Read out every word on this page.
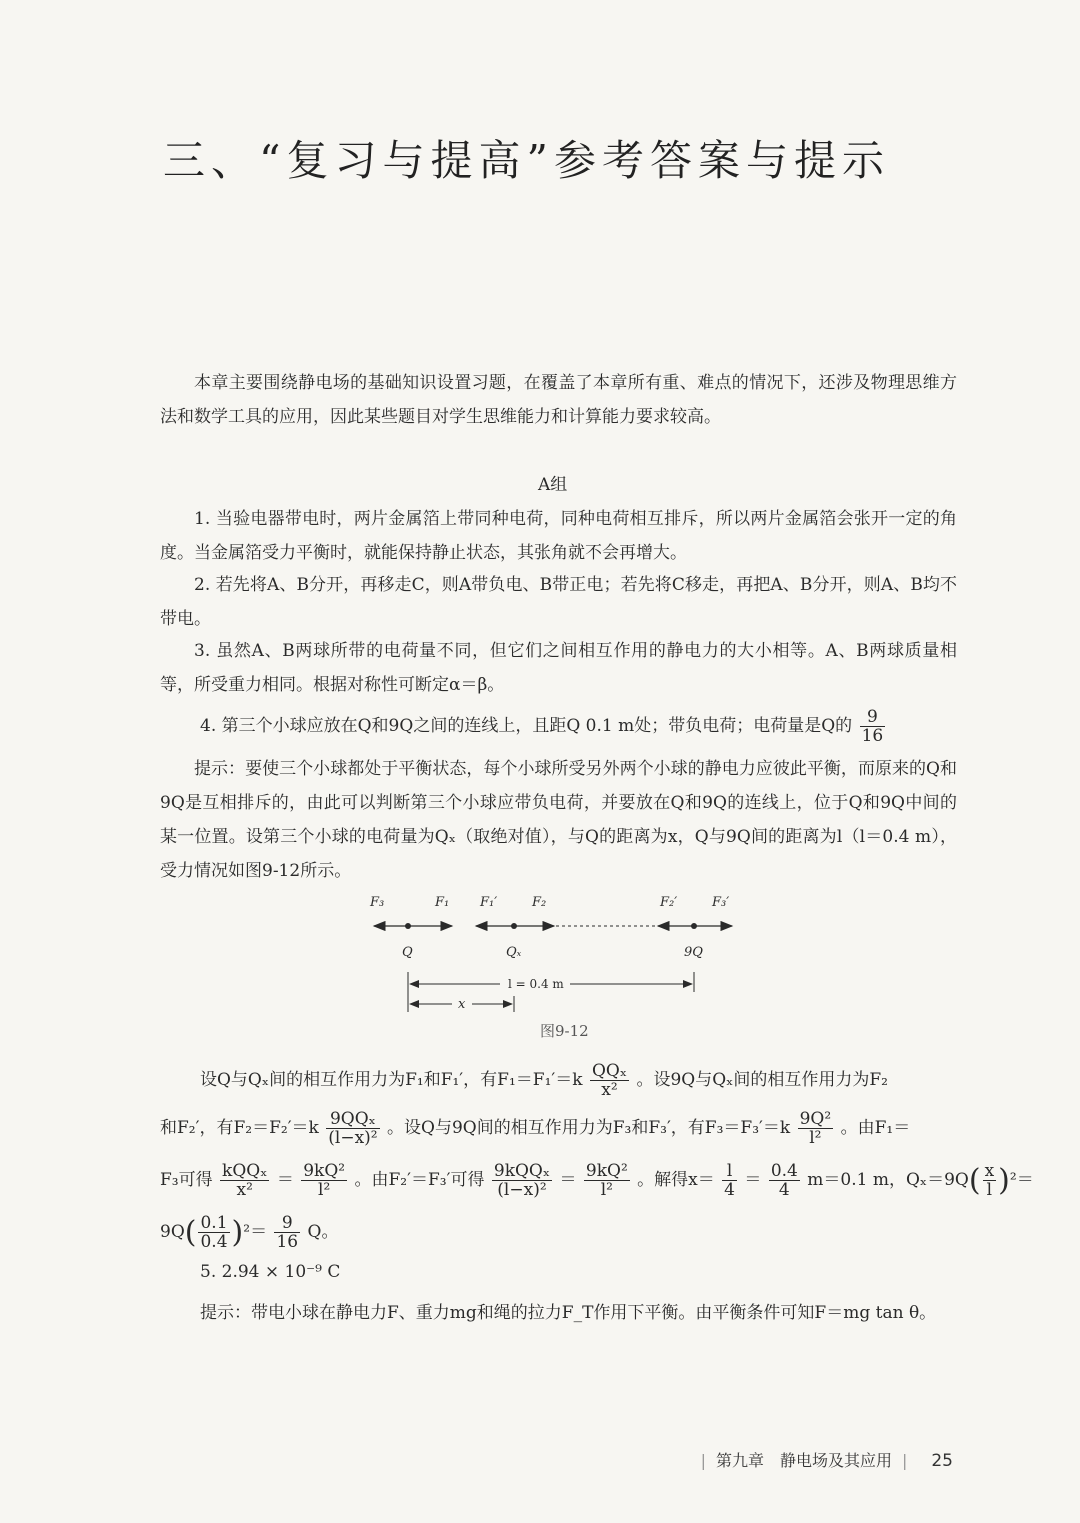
三、“复习与提高”参考答案与提示
本章主要围绕静电场的基础知识设置习题，在覆盖了本章所有重、难点的情况下，还涉及物理思维方法和数学工具的应用，因此某些题目对学生思维能力和计算能力要求较高。
A组
1. 当验电器带电时，两片金属箔上带同种电荷，同种电荷相互排斥，所以两片金属箔会张开一定的角度。当金属箔受力平衡时，就能保持静止状态，其张角就不会再增大。
2. 若先将A、B分开，再移走C，则A带负电、B带正电；若先将C移走，再把A、B分开，则A、B均不带电。
3. 虽然A、B两球所带的电荷量不同，但它们之间相互作用的静电力的大小相等。A、B两球质量相等，所受重力相同。根据对称性可断定α＝β。
4. 第三个小球应放在Q和9Q之间的连线上，且距Q 0.1 m处；带负电荷；电荷量是Q的 $\frac{9}{16}$
提示：要使三个小球都处于平衡状态，每个小球所受另外两个小球的静电力应彼此平衡，而原来的Q和9Q是互相排斥的，由此可以判断第三个小球应带负电荷，并要放在Q和9Q的连线上，位于Q和9Q中间的某一位置。设第三个小球的电荷量为Qₓ（取绝对值），与Q的距离为x，Q与9Q间的距离为l（l＝0.4 m），受力情况如图9-12所示。
F₃	F₁ F₁′	F₂	F₂′	F₃′
Q	Qₓ	9Q
l = 0.4 m
x
图9-12
设Q与Qₓ间的相互作用力为F₁和F₁′，有$F_1=F_1'=k \frac{\text{QQₓ}}{\text{x²}}$ 。设9Q与Qₓ间的相互作用力为F₂
和F₂′，有$F_2=F_2'=k \frac{\text{9QQₓ}}{\text{(l−x)²}}$ 。设Q与9Q间的相互作用力为F₃和F₃′，有$F_3=F_3'=k \frac{\text{9Q²}}{\text{l²}}$ 。由F₁＝
F₃可得 $\frac{\text{kQQₓ}}{\text{x²}} = \frac{\text{9kQ²}}{\text{l²}}$ 。由F₂′＝F₃′可得 $\frac{\text{9kQQₓ}}{\text{(l−x)²}} = \frac{\text{9kQ²}}{\text{l²}}$ 。解得$x= \frac{l}{4} = \frac{0.4}{4} m=0.1$ m，$Q_x=9Q( \frac{x}{l} )^2=$
$9Q( \frac{0.1}{0.4} )^2= \frac{9}{16}$ Q。
5. 2.94 × 10⁻⁹ C
提示：带电小球在静电力F、重力mg和绳的拉力F_T作用下平衡。由平衡条件可知F＝mg tan θ。
| 第九章　静电场及其应用 | 25
